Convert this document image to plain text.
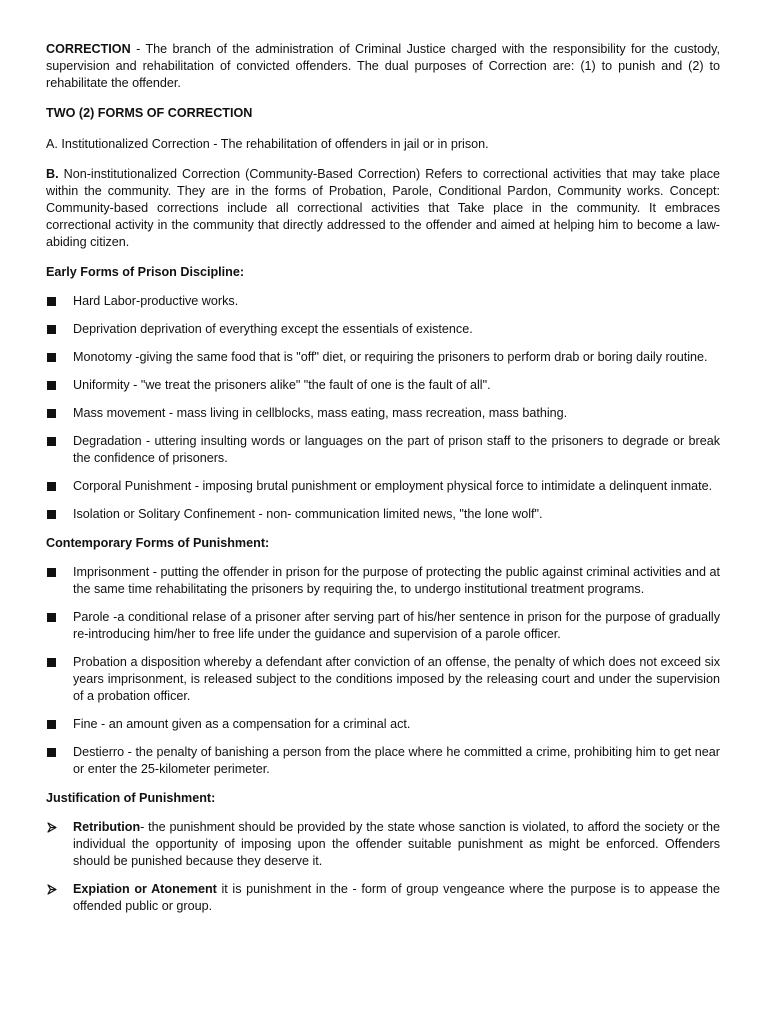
CORRECTION - The branch of the administration of Criminal Justice charged with the responsibility for the custody, supervision and rehabilitation of convicted offenders. The dual purposes of Correction are: (1) to punish and (2) to rehabilitate the offender.

TWO (2) FORMS OF CORRECTION

A. Institutionalized Correction - The rehabilitation of offenders in jail or in prison.

B. Non-institutionalized Correction (Community-Based Correction) Refers to correctional activities that may take place within the community. They are in the forms of Probation, Parole, Conditional Pardon, Community works. Concept: Community-based corrections include all correctional activities that Take place in the community. It embraces correctional activity in the community that directly addressed to the offender and aimed at helping him to become a law-abiding citizen.

Early Forms of Prison Discipline:

Hard Labor-productive works.
Deprivation deprivation of everything except the essentials of existence.
Monotomy -giving the same food that is "off" diet, or requiring the prisoners to perform drab or boring daily routine.
Uniformity - "we treat the prisoners alike" "the fault of one is the fault of all".
Mass movement - mass living in cellblocks, mass eating, mass recreation, mass bathing.
Degradation - uttering insulting words or languages on the part of prison staff to the prisoners to degrade or break the confidence of prisoners.
Corporal Punishment - imposing brutal punishment or employment physical force to intimidate a delinquent inmate.
Isolation or Solitary Confinement - non- communication limited news, "the lone wolf".

Contemporary Forms of Punishment:

Imprisonment - putting the offender in prison for the purpose of protecting the public against criminal activities and at the same time rehabilitating the prisoners by requiring the, to undergo institutional treatment programs.
Parole -a conditional relase of a prisoner after serving part of his/her sentence in prison for the purpose of gradually re-introducing him/her to free life under the guidance and supervision of a parole officer.
Probation a disposition whereby a defendant after conviction of an offense, the penalty of which does not exceed six years imprisonment, is released subject to the conditions imposed by the releasing court and under the supervision of a probation officer.
Fine - an amount given as a compensation for a criminal act.
Destierro - the penalty of banishing a person from the place where he committed a crime, prohibiting him to get near or enter the 25-kilometer perimeter.

Justification of Punishment:

Retribution- the punishment should be provided by the state whose sanction is violated, to afford the society or the individual the opportunity of imposing upon the offender suitable punishment as might be enforced. Offenders should be punished because they deserve it.
Expiation or Atonement it is punishment in the - form of group vengeance where the purpose is to appease the offended public or group.
